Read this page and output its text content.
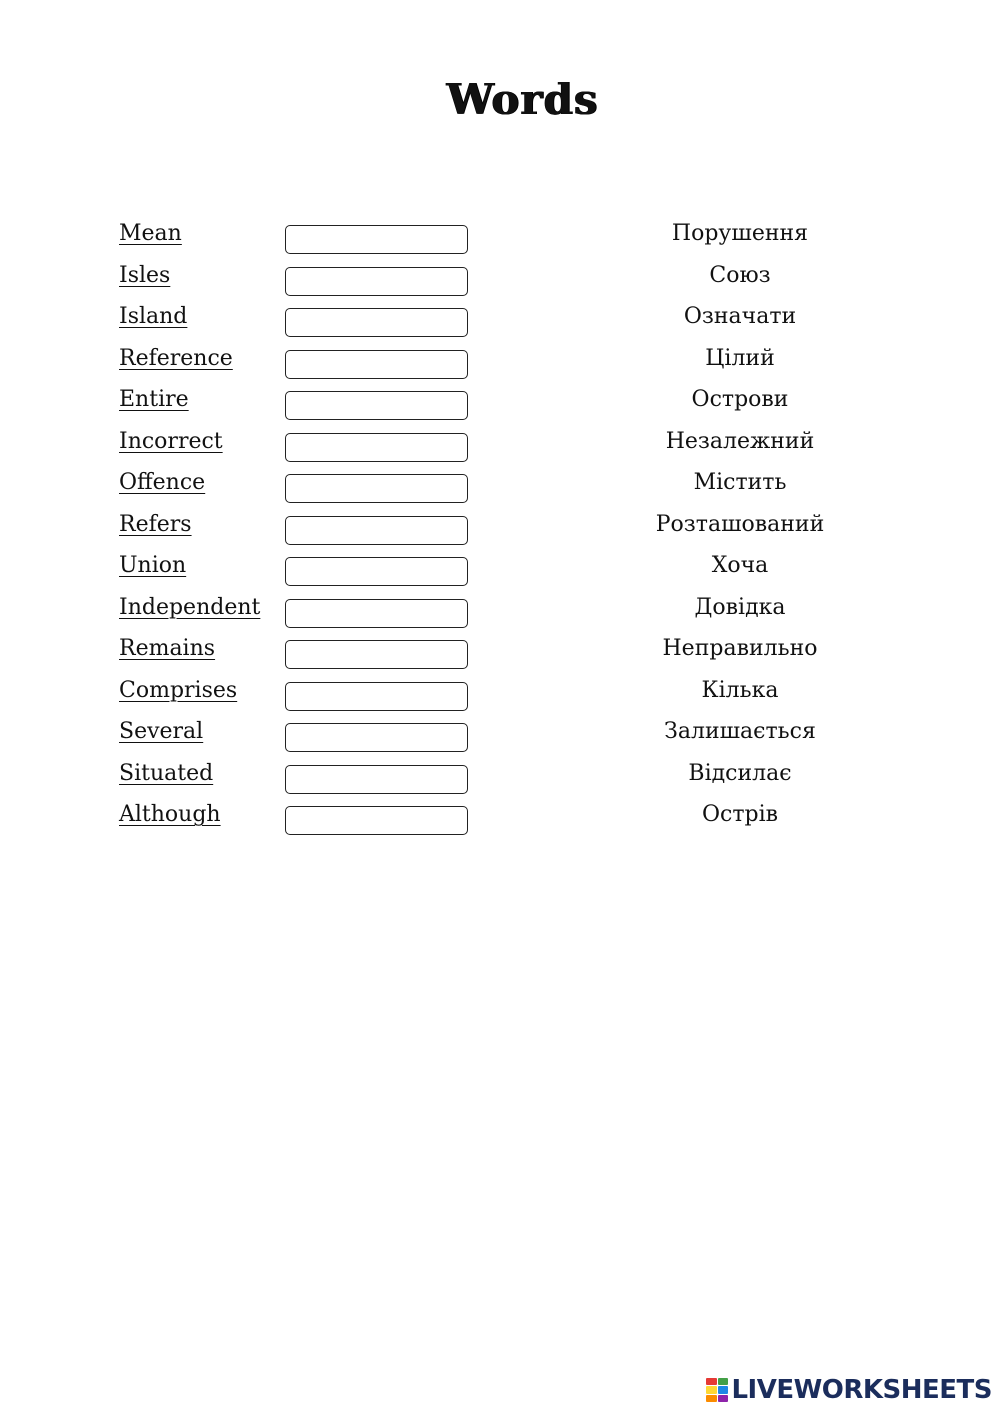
Words
Mean	Порушення
Isles	Союз
Island	Означати
Reference	Цілий
Entire	Острови
Incorrect	Незалежний
Offence	Містить
Refers	Розташований
Union	Хоча
Independent	Довідка
Remains	Неправильно
Comprises	Кілька
Several	Залишається
Situated	Відсилає
Although	Острів
LIVEWORKSHEETS
